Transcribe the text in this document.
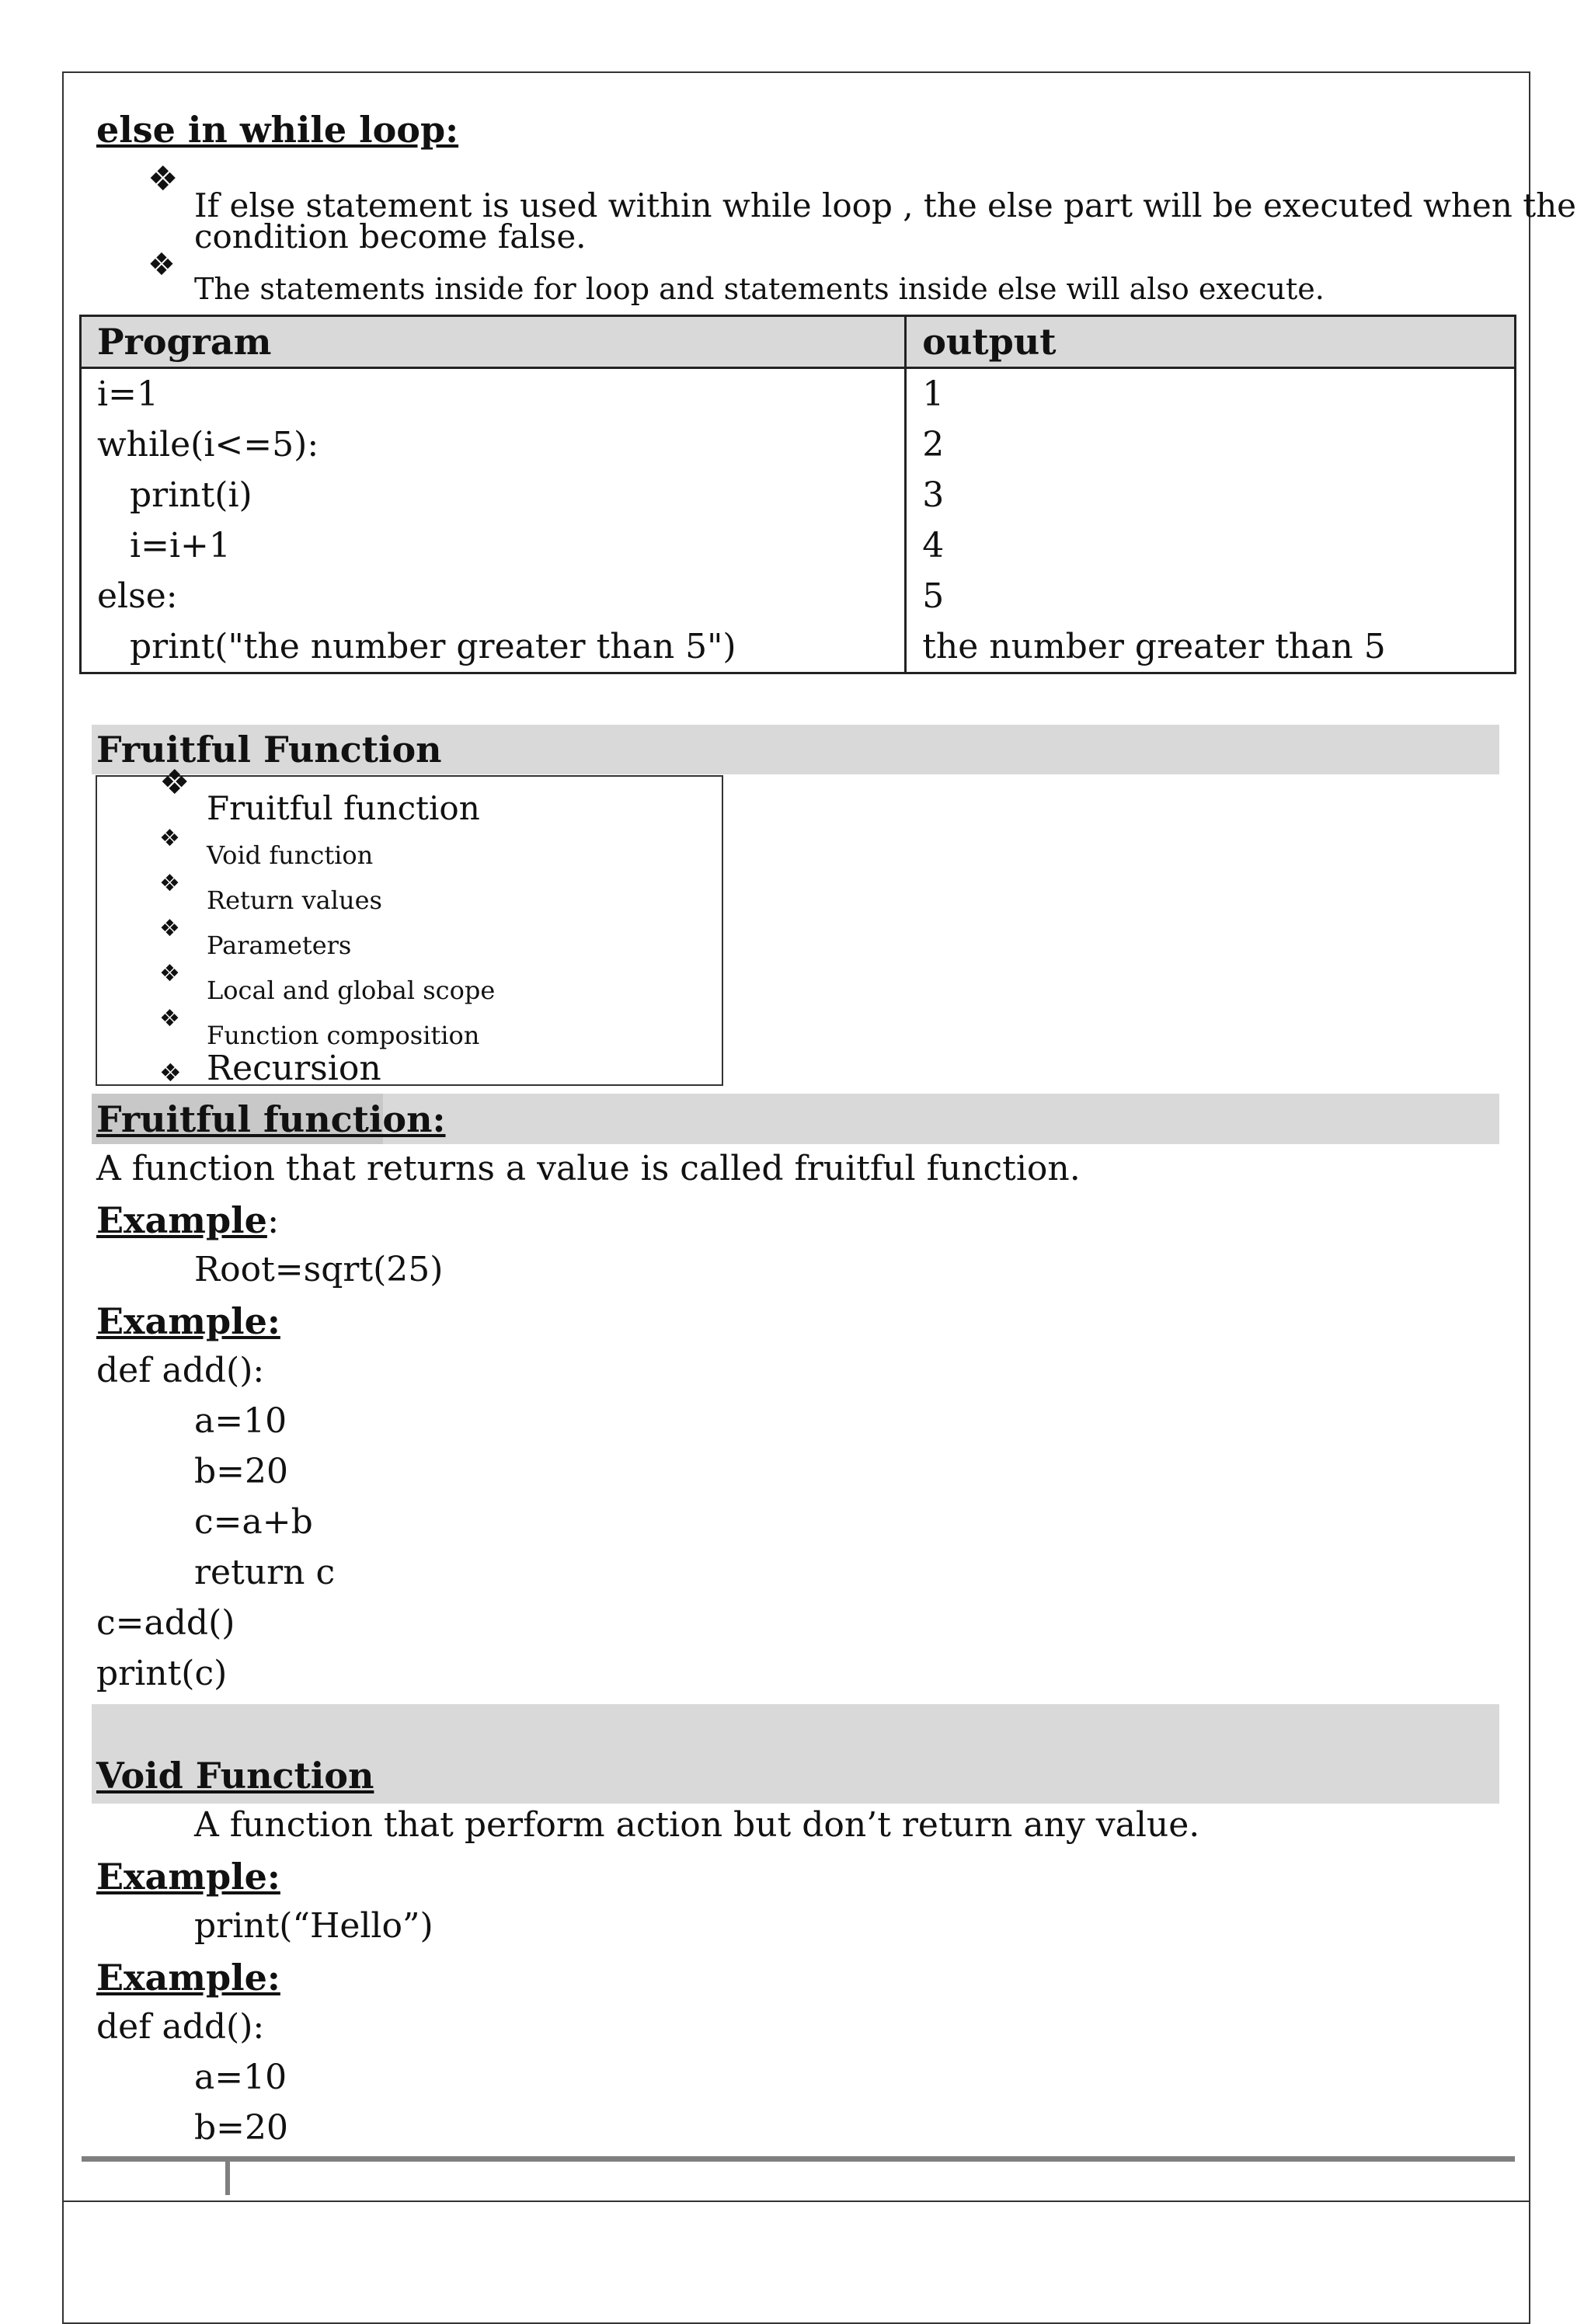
else in while loop:
❖
If else statement is used within while loop , the else part will be executed when the
condition become false.
❖
The statements inside for loop and statements inside else will also execute.
Program	output
i=1	1
while(i<=5):	2
print(i)	3
i=i+1	4
else:	5
print("the number greater than 5")	the number greater than 5
Fruitful Function
❖
Fruitful function
❖
Void function
❖
Return values
❖
Parameters
❖
Local and global scope
❖
Function composition
❖ Recursion
Fruitful function:
A function that returns a value is called fruitful function.
Example:
Root=sqrt(25)
Example:
def add():
a=10
b=20
c=a+b
return c
c=add()
print(c)
Void Function
A function that perform action but don’t return any value.
Example:
print(“Hello”)
Example:
def add():
a=10
b=20
